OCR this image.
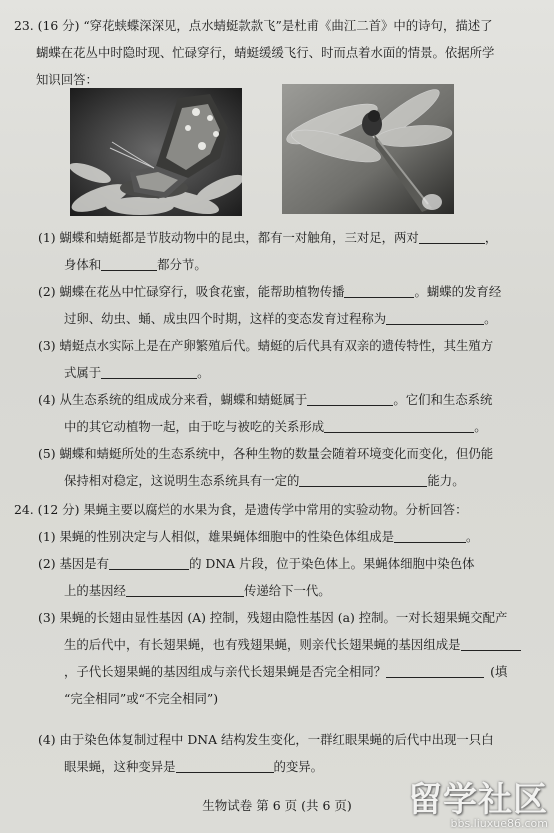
23. (16 分) “穿花蛱蝶深深见，点水蜻蜓款款飞”是杜甫《曲江二首》中的诗句，描述了
蝴蝶在花丛中时隐时现、忙碌穿行，蜻蜓缓缓飞行、时而点着水面的情景。依据所学
知识回答：
(1) 蝴蝶和蜻蜓都是节肢动物中的昆虫，都有一对触角，三对足，两对	，
身体和	都分节。
(2) 蝴蝶在花丛中忙碌穿行，吸食花蜜，能帮助植物传播	。蝴蝶的发育经
过卵、幼虫、蛹、成虫四个时期，这样的变态发育过程称为	。
(3) 蜻蜓点水实际上是在产卵繁殖后代。蜻蜓的后代具有双亲的遗传特性，其生殖方
式属于	。
(4) 从生态系统的组成成分来看，蝴蝶和蜻蜓属于	。它们和生态系统
中的其它动植物一起，由于吃与被吃的关系形成	。
(5) 蝴蝶和蜻蜓所处的生态系统中，各种生物的数量会随着环境变化而变化，但仍能
保持相对稳定，这说明生态系统具有一定的	能力。
24. (12 分) 果蝇主要以腐烂的水果为食，是遗传学中常用的实验动物。分析回答：
(1) 果蝇的性别决定与人相似，雄果蝇体细胞中的性染色体组成是	。
(2) 基因是有	的 DNA 片段，位于染色体上。果蝇体细胞中染色体
上的基因经	传递给下一代。
(3) 果蝇的长翅由显性基因 (A) 控制，残翅由隐性基因 (a) 控制。一对长翅果蝇交配产
生的后代中，有长翅果蝇，也有残翅果蝇，则亲代长翅果蝇的基因组成是
，子代长翅果蝇的基因组成与亲代长翅果蝇是否完全相同？	(填
“完全相同”或“不完全相同”)
(4) 由于染色体复制过程中 DNA 结构发生变化，一群红眼果蝇的后代中出现一只白
眼果蝇，这种变异是	的变异。
生物试卷 第 6 页 (共 6 页)	留学社区
bbs.liuxue86.com
